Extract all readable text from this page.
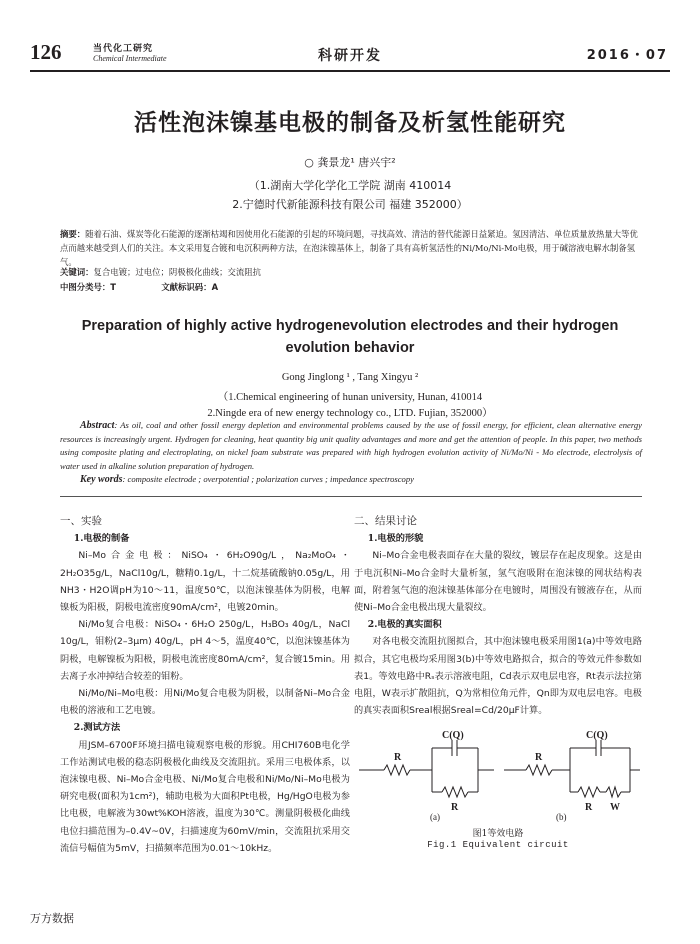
126	当代化工研究
Chemical Intermediate	科研开发	2016・07
活性泡沫镍基电极的制备及析氢性能研究
○ 龚景龙¹ 唐兴宇²
（1.湖南大学化学化工学院 湖南 410014
2.宁德时代新能源科技有限公司 福建 352000）
摘要：随着石油、煤炭等化石能源的逐渐枯竭和因使用化石能源的引起的环境问题，寻找高效、清洁的替代能源日益紧迫。氢因清洁、单位质量放热量大等优点而越来越受到人们的关注。本文采用复合镀和电沉积两种方法，在泡沫镍基体上，制备了具有高析氢活性的Ni/Mo/Ni-Mo电极，用于碱溶液电解水制备氢气。
关键词：复合电镀；过电位；阴极极化曲线；交流阻抗
中图分类号：T	文献标识码：A
Preparation of highly active hydrogenevolution electrodes and their hydrogen evolution behavior
Gong Jinglong ¹ , Tang Xingyu ²
（1.Chemical engineering of hunan university, Hunan, 410014
2.Ningde era of new energy technology co., LTD. Fujian, 352000）
Abstract: As oil, coal and other fossil energy depletion and environmental problems caused by the use of fossil energy, for efficient, clean alternative energy resources is increasingly urgent. Hydrogen for cleaning, heat quantity big unit quality advantages and more and get the attention of people. In this paper, two methods using composite plating and electroplating, on nickel foam substrate was prepared with high hydrogen evolution activity of Ni/Mo/Ni - Mo electrode, electrolysis of water used in alkaline solution preparation of hydrogen.
Key words: composite electrode ; overpotential ; polarization curves ; impedance spectroscopy
一、实验
1.电极的制备

Ni–Mo合金电极：NiSO₄・6H₂O90g/L，Na₂MoO₄・2H₂O35g/L，NaCl10g/L，糖精0.1g/L，十二烷基硫酸钠0.05g/L，用NH3・H2O调pH为10～11，温度50℃，以泡沫镍基体为阴极，电解镍板为阳极，阴极电流密度90mA/cm²，电镀20min。

Ni/Mo复合电极：NiSO₄・6H₂O 250g/L，H₃BO₃ 40g/L，NaCl 10g/L，钼粉(2–3μm) 40g/L，pH 4～5，温度40℃，以泡沫镍基体为阴极，电解镍板为阳极，阴极电流密度80mA/cm²，复合镀15min。用去离子水冲掉结合较差的钼粉。

Ni/Mo/Ni–Mo电极：用Ni/Mo复合电极为阴极，以制备Ni–Mo合金电极的溶液和工艺电镀。

2.测试方法

用JSM–6700F环境扫描电镜观察电极的形貌。用CHI760B电化学工作站测试电极的稳态阴极极化曲线及交流阻抗。采用三电极体系，以泡沫镍电极、Ni–Mo合金电极、Ni/Mo复合电极和Ni/Mo/Ni–Mo电极为研究电极(面积为1cm²)，辅助电极为大面积Pt电极，Hg/HgO电极为参比电极，电解液为30wt%KOH溶液，温度为30℃。测量阴极极化曲线电位扫描范围为–0.4V~0V，扫描速度为60mV/min，交流阻抗采用交流信号幅值为5mV，扫描频率范围为0.01～10kHz。

二、结果讨论
1.电极的形貌

Ni–Mo合金电极表面存在大量的裂纹，镀层存在起皮现象。这是由于电沉积Ni–Mo合金时大量析氢，氢气泡吸附在泡沫镍的网状结构表面，附着氢气泡的泡沫镍基体部分在电镀时，周围没有镀液存在，从而使Ni–Mo合金电极出现大量裂纹。

2.电极的真实面积

对各电极交流阻抗图拟合，其中泡沫镍电极采用图1(a)中等效电路拟合，其它电极均采用图3(b)中等效电路拟合，拟合的等效元件参数如表1。等效电路中Rₛ表示溶液电阻，Cd表示双电层电容，Rt表示法拉第电阻，W表示扩散阻抗，Q为常相位角元件，Qn即为双电层电容。电极的真实表面积Sreal根据Sreal=Cd/20μF计算。

R
C(Q)
R
R
C(Q)
R W
(a)	(b)
图1等效电路
Fig.1 Equivalent circuit
万方数据
